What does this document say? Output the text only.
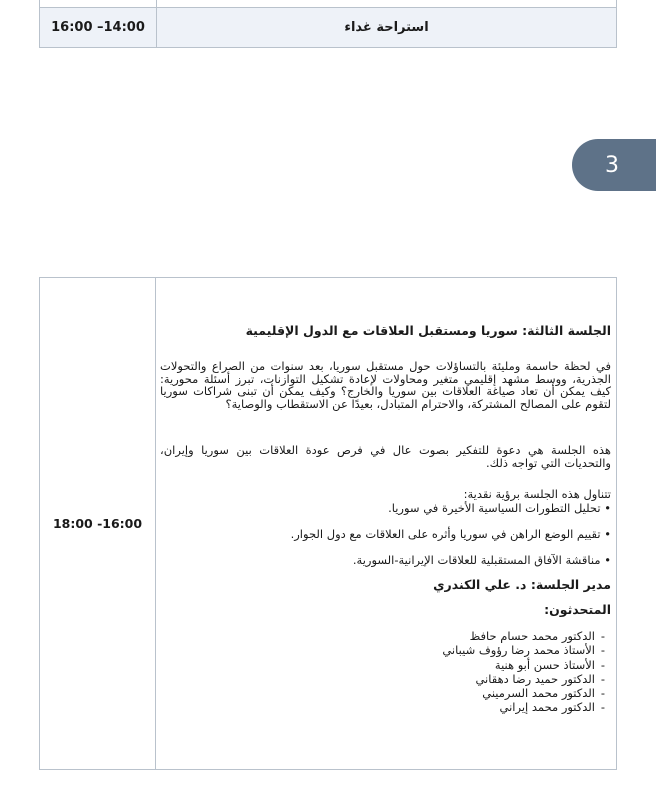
16:00 –14:00	استراحة غداء
3
18:00 -16:00
الجلسة الثالثة: سوريا ومستقبل العلاقات مع الدول الإقليمية
في لحظة حاسمة ومليئة بالتساؤلات حول مستقبل سوريا، بعد سنوات من الصراع والتحولات الجذرية، ووسط مشهد إقليمي متغير ومحاولات لإعادة تشكيل التوازنات، تبرز أسئلة محورية: كيف يمكن أن تعاد صياغة العلاقات بين سوريا والخارج؟ وكيف يمكن أن تبنى شراكات سوريا لتقوم على المصالح المشتركة، والاحترام المتبادل، بعيدًا عن الاستقطاب والوصاية؟
هذه الجلسة هي دعوة للتفكير بصوت عال في فرص عودة العلاقات بين سوريا وإيران، والتحديات التي تواجه ذلك.
تتناول هذه الجلسة برؤية نقدية:
• تحليل التطورات السياسية الأخيرة في سوريا.
• تقييم الوضع الراهن في سوريا وأثره على العلاقات مع دول الجوار.
• مناقشة الآفاق المستقبلية للعلاقات الإيرانية-السورية.
مدير الجلسة: د. علي الكندري
المتحدثون:
-الدكتور محمد حسام حافظ
-الأستاذ محمد رضا رؤوف شيباني
-الأستاذ حسن أبو هنية
-الدكتور حميد رضا دهقاني
-الدكتور محمد السرميني
-الدكتور محمد إيراني
